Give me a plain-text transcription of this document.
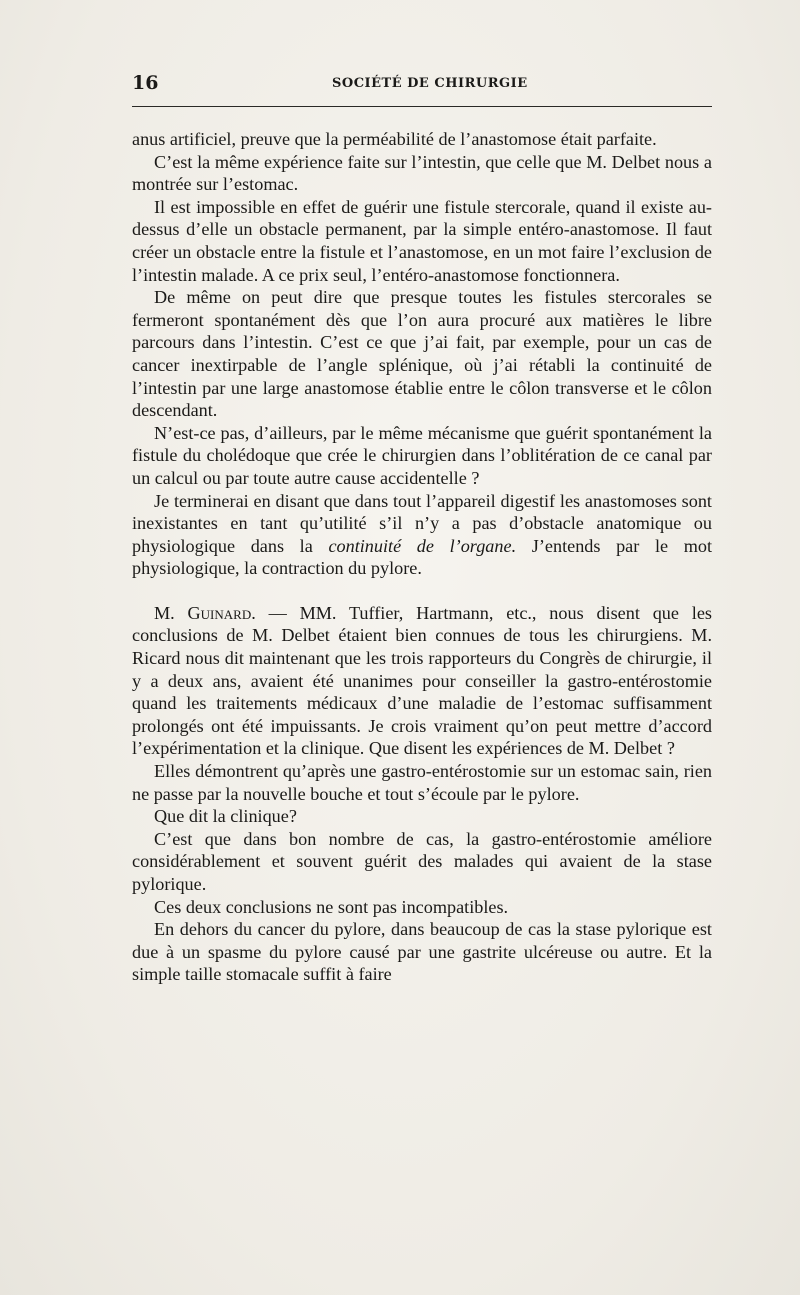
16	SOCIÉTÉ DE CHIRURGIE

anus artificiel, preuve que la perméabilité de l’anastomose était parfaite.

C’est la même expérience faite sur l’intestin, que celle que M. Delbet nous a montrée sur l’estomac.

Il est impossible en effet de guérir une fistule stercorale, quand il existe au-dessus d’elle un obstacle permanent, par la simple entéro-anastomose. Il faut créer un obstacle entre la fistule et l’anastomose, en un mot faire l’exclusion de l’intestin malade. A ce prix seul, l’entéro-anastomose fonctionnera.

De même on peut dire que presque toutes les fistules stercorales se fermeront spontanément dès que l’on aura procuré aux matières le libre parcours dans l’intestin. C’est ce que j’ai fait, par exemple, pour un cas de cancer inextirpable de l’angle splénique, où j’ai rétabli la continuité de l’intestin par une large anastomose établie entre le côlon transverse et le côlon descendant.

N’est-ce pas, d’ailleurs, par le même mécanisme que guérit spontanément la fistule du cholédoque que crée le chirurgien dans l’oblitération de ce canal par un calcul ou par toute autre cause accidentelle ?

Je terminerai en disant que dans tout l’appareil digestif les anastomoses sont inexistantes en tant qu’utilité s’il n’y a pas d’obstacle anatomique ou physiologique dans la continuité de l’organe. J’entends par le mot physiologique, la contraction du pylore.

M. Guinard. — MM. Tuffier, Hartmann, etc., nous disent que les conclusions de M. Delbet étaient bien connues de tous les chirurgiens. M. Ricard nous dit maintenant que les trois rapporteurs du Congrès de chirurgie, il y a deux ans, avaient été unanimes pour conseiller la gastro-entérostomie quand les traitements médicaux d’une maladie de l’estomac suffisamment prolongés ont été impuissants. Je crois vraiment qu’on peut mettre d’accord l’expérimentation et la clinique. Que disent les expériences de M. Delbet ?

Elles démontrent qu’après une gastro-entérostomie sur un estomac sain, rien ne passe par la nouvelle bouche et tout s’écoule par le pylore.

Que dit la clinique?

C’est que dans bon nombre de cas, la gastro-entérostomie améliore considérablement et souvent guérit des malades qui avaient de la stase pylorique.

Ces deux conclusions ne sont pas incompatibles.

En dehors du cancer du pylore, dans beaucoup de cas la stase pylorique est due à un spasme du pylore causé par une gastrite ulcéreuse ou autre. Et la simple taille stomacale suffit à faire
